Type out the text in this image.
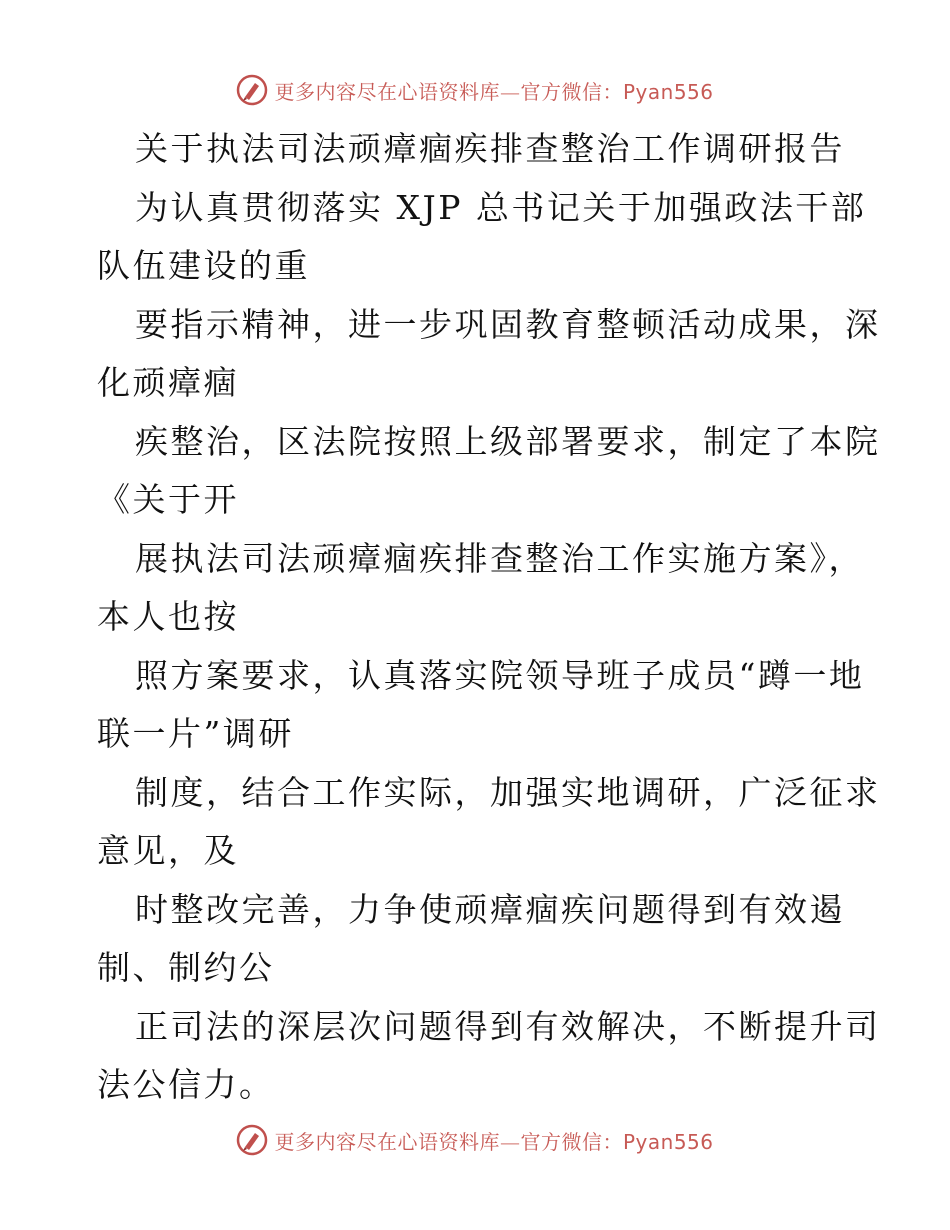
更多内容尽在心语资料库—官方微信：Pyan556
关于执法司法顽瘴痼疾排查整治工作调研报告
为认真贯彻落实 XJP 总书记关于加强政法干部
队伍建设的重
要指示精神，进一步巩固教育整顿活动成果，深
化顽瘴痼
疾整治，区法院按照上级部署要求，制定了本院
《关于开
展执法司法顽瘴痼疾排查整治工作实施方案》，
本人也按
照方案要求，认真落实院领导班子成员“蹲一地
联一片”调研
制度，结合工作实际，加强实地调研，广泛征求
意见，及
时整改完善，力争使顽瘴痼疾问题得到有效遏
制、制约公
正司法的深层次问题得到有效解决，不断提升司
法公信力。
更多内容尽在心语资料库—官方微信：Pyan556
